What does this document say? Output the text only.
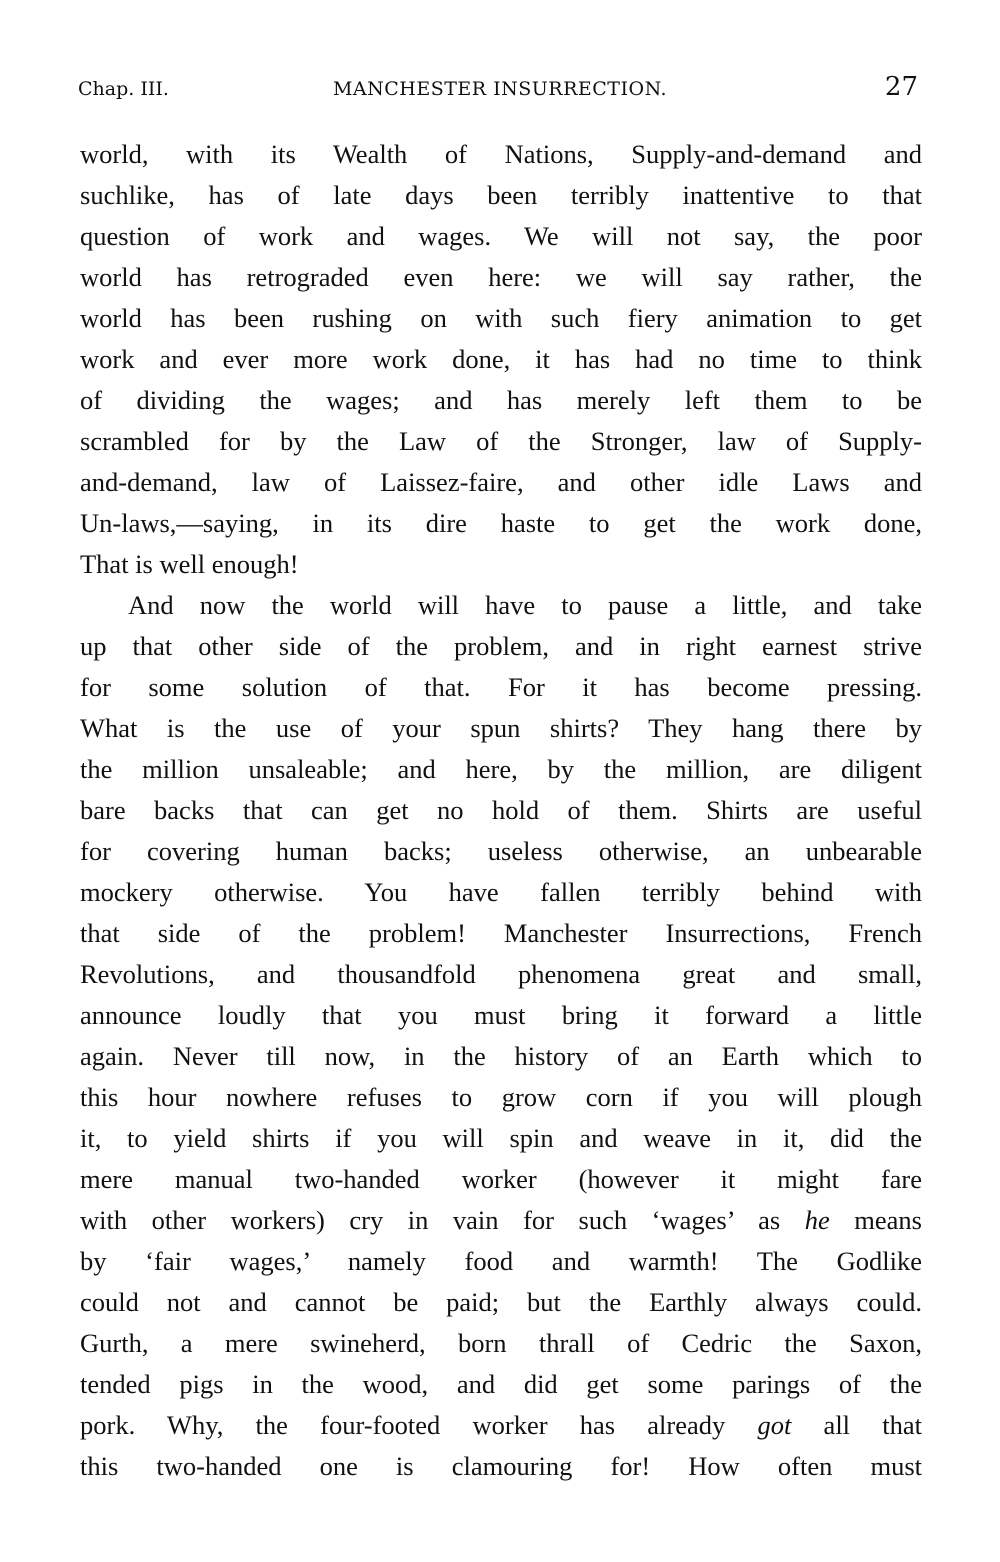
Chap. III.	MANCHESTER INSURRECTION.	27
world, with its Wealth of Nations, Supply-and-demand and
suchlike, has of late days been terribly inattentive to that
question of work and wages. We will not say, the poor
world has retrograded even here: we will say rather, the
world has been rushing on with such fiery animation to get
work and ever more work done, it has had no time to think
of dividing the wages; and has merely left them to be
scrambled for by the Law of the Stronger, law of Supply-
and-demand, law of Laissez-faire, and other idle Laws and
Un-laws,—saying, in its dire haste to get the work done,
That is well enough!
And now the world will have to pause a little, and take
up that other side of the problem, and in right earnest strive
for some solution of that. For it has become pressing.
What is the use of your spun shirts? They hang there by
the million unsaleable; and here, by the million, are diligent
bare backs that can get no hold of them. Shirts are useful
for covering human backs; useless otherwise, an unbearable
mockery otherwise. You have fallen terribly behind with
that side of the problem! Manchester Insurrections, French
Revolutions, and thousandfold phenomena great and small,
announce loudly that you must bring it forward a little
again. Never till now, in the history of an Earth which to
this hour nowhere refuses to grow corn if you will plough
it, to yield shirts if you will spin and weave in it, did the
mere manual two-handed worker (however it might fare
with other workers) cry in vain for such ‘wages’ as he means
by ‘fair wages,’ namely food and warmth! The Godlike
could not and cannot be paid; but the Earthly always could.
Gurth, a mere swineherd, born thrall of Cedric the Saxon,
tended pigs in the wood, and did get some parings of the
pork. Why, the four-footed worker has already got all that
this two-handed one is clamouring for! How often must
